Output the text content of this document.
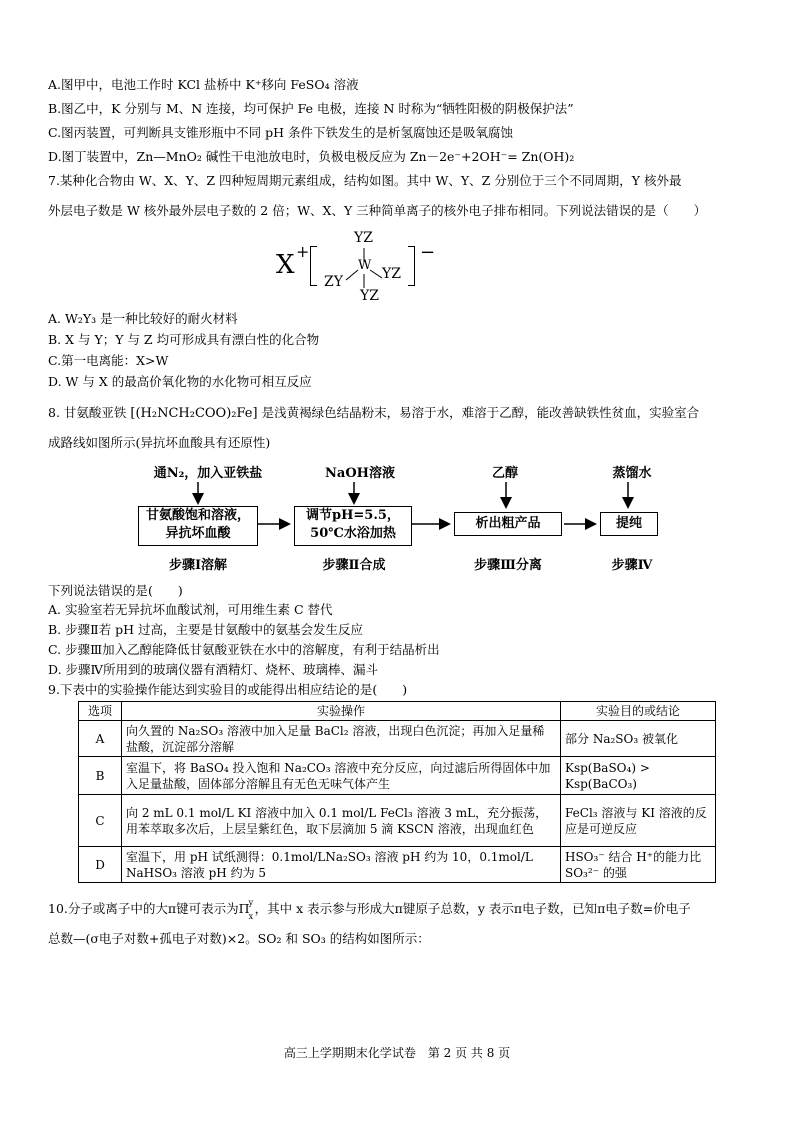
A.图甲中，电池工作时 KCl 盐桥中 K⁺移向 FeSO₄ 溶液
B.图乙中，K 分别与 M、N 连接，均可保护 Fe 电极，连接 N 时称为“牺牲阳极的阴极保护法”
C.图丙装置，可判断具支锥形瓶中不同 pH 条件下铁发生的是析氢腐蚀还是吸氧腐蚀
D.图丁装置中，Zn—MnO₂ 碱性干电池放电时，负极电极反应为 Zn－2e⁻+2OH⁻= Zn(OH)₂
7.某种化合物由 W、X、Y、Z 四种短周期元素组成，结构如图。其中 W、Y、Z 分别位于三个不同周期，Y 核外最
外层电子数是 W 核外最外层电子数的 2 倍；W、X、Y 三种简单离子的核外电子排布相同。下列说法错误的是（　　）
X +
YZ
W
ZY	YZ
YZ
−
A. W₂Y₃ 是一种比较好的耐火材料
B. X 与 Y；Y 与 Z 均可形成具有漂白性的化合物
C.第一电离能：X>W
D. W 与 X 的最高价氧化物的水化物可相互反应
8. 甘氨酸亚铁 [(H₂NCH₂COO)₂Fe] 是浅黄褐绿色结晶粉末，易溶于水，难溶于乙醇，能改善缺铁性贫血，实验室合
成路线如图所示(异抗坏血酸具有还原性)
通N₂，加入亚铁盐	NaOH溶液	乙醇	蒸馏水
甘氨酸饱和溶液，
异抗坏血酸
调节pH=5.5，
50℃水浴加热
析出粗产品	提纯
步骤Ⅰ溶解	步骤Ⅱ合成	步骤Ⅲ分离	步骤Ⅳ
下列说法错误的是(　　)
A. 实验室若无异抗坏血酸试剂，可用维生素 C 替代
B. 步骤Ⅱ若 pH 过高，主要是甘氨酸中的氨基会发生反应
C. 步骤Ⅲ加入乙醇能降低甘氨酸亚铁在水中的溶解度，有利于结晶析出
D. 步骤Ⅳ所用到的玻璃仪器有酒精灯、烧杯、玻璃棒、漏斗
9.下表中的实验操作能达到实验目的或能得出相应结论的是(　　)
选项	实验操作	实验目的或结论
A	向久置的 Na₂SO₃ 溶液中加入足量 BaCl₂ 溶液，出现白色沉淀；再加入足量稀盐酸，沉淀部分溶解	部分 Na₂SO₃ 被氧化
B	室温下，将 BaSO₄ 投入饱和 Na₂CO₃ 溶液中充分反应，向过滤后所得固体中加入足量盐酸，固体部分溶解且有无色无味气体产生	Ksp(BaSO₄) > Ksp(BaCO₃)
C	向 2 mL 0.1 mol/L KI 溶液中加入 0.1 mol/L FeCl₃ 溶液 3 mL，充分振荡，用苯萃取多次后，上层呈紫红色，取下层滴加 5 滴 KSCN 溶液，出现血红色	FeCl₃ 溶液与 KI 溶液的反应是可逆反应
D	室温下，用 pH 试纸测得：0.1mol/LNa₂SO₃ 溶液 pH 约为 10，0.1mol/L NaHSO₃ 溶液 pH 约为 5	HSO₃⁻ 结合 H⁺的能力比 SO₃²⁻ 的强
10.分子或离子中的大π键可表示为Π y
x
，其中 x 表示参与形成大π键原子总数，y 表示π电子数，已知π电子数=价电子
总数—(σ电子对数+孤电子对数)×2。SO₂ 和 SO₃ 的结构如图所示：
高三上学期期末化学试卷　第 2 页 共 8 页
